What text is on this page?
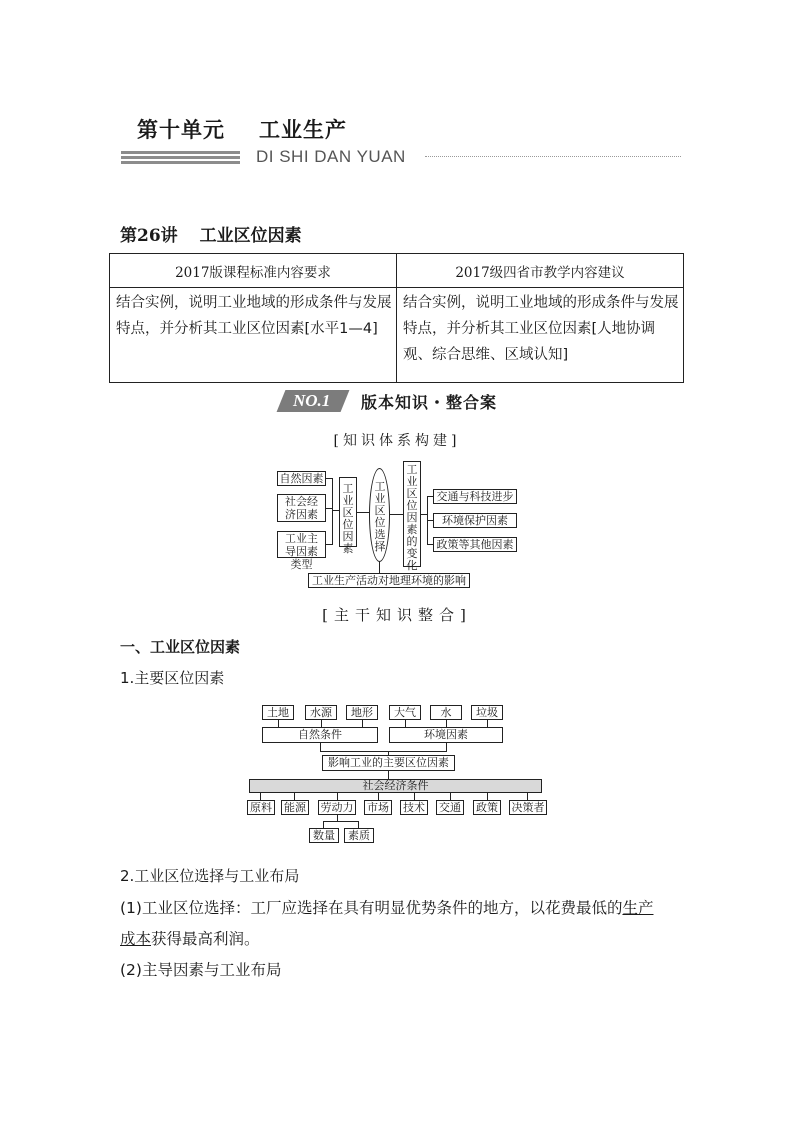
第十单元 工业生产
DI SHI DAN YUAN
第26讲 工业区位因素
2017版课程标准内容要求	2017级四省市教学内容建议
结合实例，说明工业地域的形成条件与发展特点，并分析其工业区位因素[水平1—4]	结合实例，说明工业地域的形成条件与发展特点，并分析其工业区位因素[人地协调观、综合思维、区域认知]
NO.1 版本知识・整合案
[知识体系构建]
自然因素
社会经济因素
工业主导因素类型
工业区位因素
工业区位选择
工业区位因素的变化
交通与科技进步
环境保护因素
政策等其他因素
工业生产活动对地理环境的影响
[主干知识整合]
一、工业区位因素
1.主要区位因素
土地	水源	地形	大气	水	垃圾
自然条件	环境因素
影响工业的主要区位因素
社会经济条件
原料 能源 劳动力 市场 技术 交通 政策 决策者
数量	素质
2.工业区位选择与工业布局
(1)工业区位选择：工厂应选择在具有明显优势条件的地方，以花费最低的生产
成本获得最高利润。
(2)主导因素与工业布局
